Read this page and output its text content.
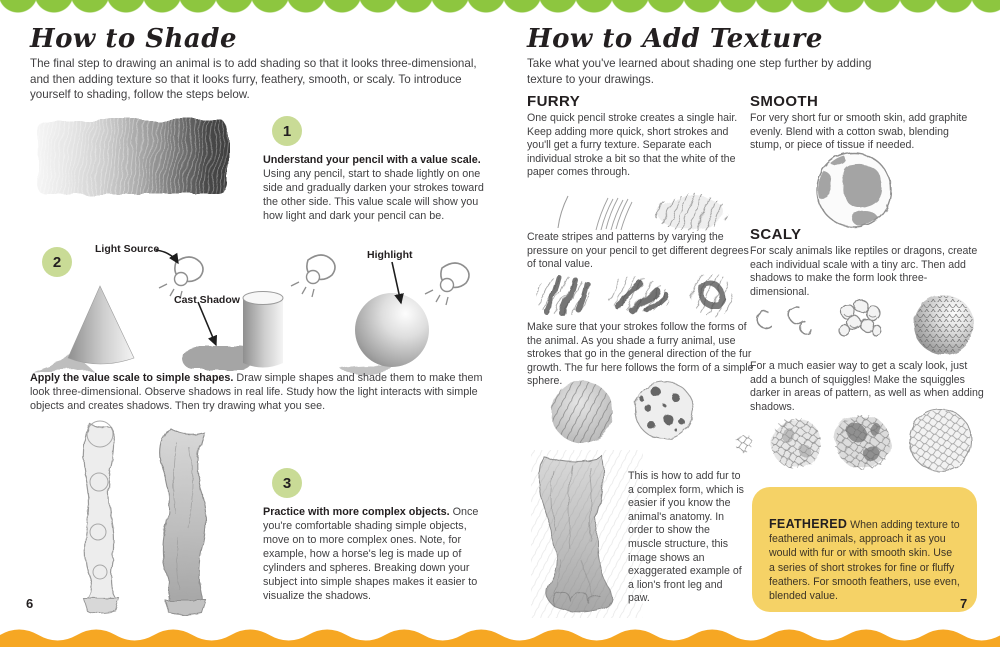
How to Shade
The final step to drawing an animal is to add shading so that it looks three-dimensional, and then adding texture so that it looks furry, feathery, smooth, or scaly. To introduce yourself to shading, follow the steps below.
1
Understand your pencil with a value scale. Using any pencil, start to shade lightly on one side and gradually darken your strokes toward the other side. This value scale will show you how light and dark your pencil can be.
2
Light Source
Cast Shadow
Highlight
Apply the value scale to simple shapes. Draw simple shapes and shade them to make them look three-dimensional. Observe shadows in real life. Study how the light interacts with simple objects and creates shadows. Then try drawing what you see.
3
Practice with more complex objects. Once you're comfortable shading simple objects, move on to more complex ones. Note, for example, how a horse's leg is made up of cylinders and spheres. Breaking down your subject into simple shapes makes it easier to visualize the shadows.
6
How to Add Texture
Take what you've learned about shading one step further by adding texture to your drawings.
FURRY
One quick pencil stroke creates a single hair. Keep adding more quick, short strokes and you'll get a furry texture. Separate each individual stroke a bit so that the white of the paper comes through.
Create stripes and patterns by varying the pressure on your pencil to get different degrees of tonal value.
Make sure that your strokes follow the forms of the animal. As you shade a furry animal, use strokes that go in the general direction of the fur growth. The fur here follows the form of a simple sphere.
This is how to add fur to a complex form, which is easier if you know the animal's anatomy. In order to show the muscle structure, this image shows an exaggerated example of a lion's front leg and paw.
SMOOTH
For very short fur or smooth skin, add graphite evenly. Blend with a cotton swab, blending stump, or piece of tissue if needed.
SCALY
For scaly animals like reptiles or dragons, create each individual scale with a tiny arc. Then add shadows to make the form look three-dimensional.
For a much easier way to get a scaly look, just add a bunch of squiggles! Make the squiggles darker in areas of pattern, as well as when adding shadows.
FEATHERED When adding texture to feathered animals, approach it as you would with fur or with smooth skin. Use a series of short strokes for fine or fluffy feathers. For smooth feathers, use even, blended value.	7
